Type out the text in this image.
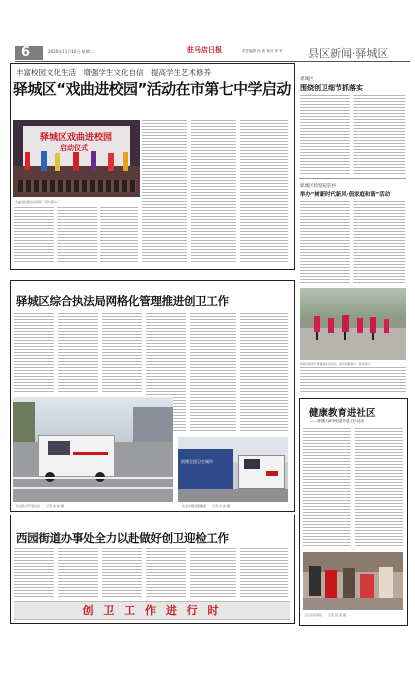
6	2020年11月10日 星期二	驻马店日报	责任编辑 孙 波 校对 李 军 县区新闻·驿城区
丰富校园文化生活　增强学生文化自信　提高学生艺术修养
驿城区“戏曲进校园”活动在市第七中学启动
驿城区戏曲进校园
启动仪式
戏曲进校园活动现场（资料图片）
驿城区
围绕创卫细节抓落实
驿城区检察院驻村
举办“树新时代新风·倡家庭和谐”活动
驿城区组织开展健康体育活动，居民积极参与（资料图片）
驿城区综合执法局网格化管理推进创卫工作
创建全国卫生城市
执法队员开展巡查　　记者 孙 波 摄	执法车辆清理路面　　记者 孙 波 摄
西园街道办事处全力以赴做好创卫迎检工作
创 卫 工 作 进 行 时
健康教育进社区
——驿城区新华街道开展义诊活动
义诊活动现场　　记者 孙 波 摄
